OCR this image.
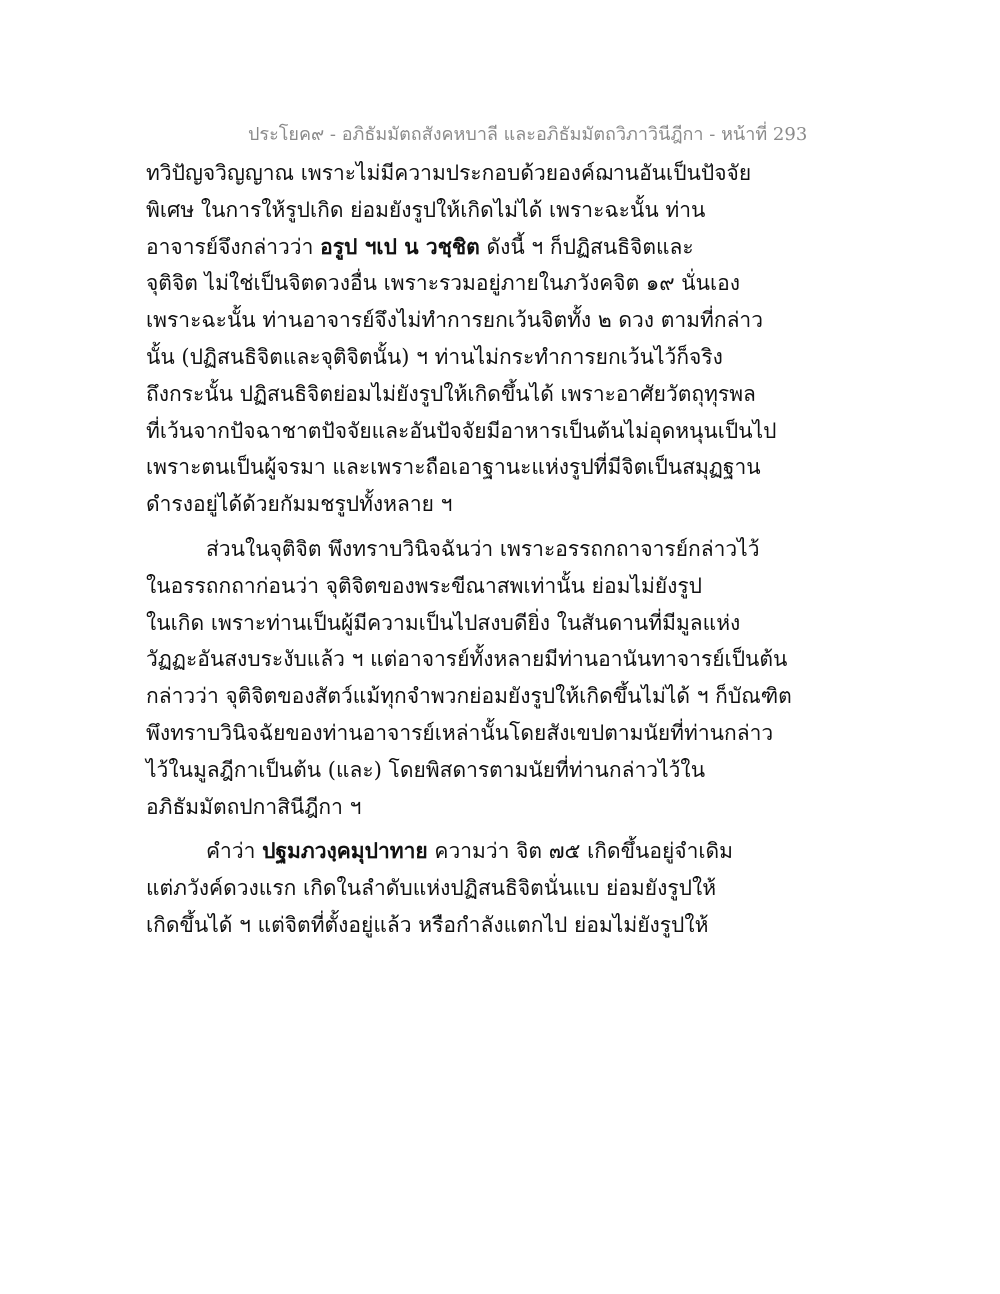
ประโยค๙ - อภิธัมมัตถสังคหบาลี และอภิธัมมัตถวิภาวินีฎีกา - หน้าที่ 293
ทวิปัญจวิญญาณ เพราะไม่มีความประกอบด้วยองค์ฌานอันเป็นปัจจัย
พิเศษ ในการให้รูปเกิด ย่อมยังรูปให้เกิดไม่ได้ เพราะฉะนั้น ท่าน
อาจารย์จึงกล่าวว่า อรูป ฯเป น วชฺชิต ดังนี้ ฯ ก็ปฏิสนธิจิตและ
จุติจิต ไม่ใช่เป็นจิตดวงอื่น เพราะรวมอยู่ภายในภวังคจิต ๑๙ นั่นเอง
เพราะฉะนั้น ท่านอาจารย์จึงไม่ทำการยกเว้นจิตทั้ง ๒ ดวง ตามที่กล่าว
นั้น (ปฏิสนธิจิตและจุติจิตนั้น) ฯ ท่านไม่กระทำการยกเว้นไว้ก็จริง
ถึงกระนั้น ปฏิสนธิจิตย่อมไม่ยังรูปให้เกิดขึ้นได้ เพราะอาศัยวัตถุทุรพล
ที่เว้นจากปัจฉาชาตปัจจัยและอันปัจจัยมีอาหารเป็นต้นไม่อุดหนุนเป็นไป
เพราะตนเป็นผู้จรมา และเพราะถือเอาฐานะแห่งรูปที่มีจิตเป็นสมุฏฐาน
ดำรงอยู่ได้ด้วยกัมมชรูปทั้งหลาย ฯ
ส่วนในจุติจิต พึงทราบวินิจฉันว่า เพราะอรรถกถาจารย์กล่าวไว้
ในอรรถกถาก่อนว่า จุติจิตของพระขีณาสพเท่านั้น ย่อมไม่ยังรูป
ในเกิด เพราะท่านเป็นผู้มีความเป็นไปสงบดียิ่ง ในสันดานที่มีมูลแห่ง
วัฏฏะอันสงบระงับแล้ว ฯ แต่อาจารย์ทั้งหลายมีท่านอานันทาจารย์เป็นต้น
กล่าวว่า จุติจิตของสัตว์แม้ทุกจำพวกย่อมยังรูปให้เกิดขึ้นไม่ได้ ฯ ก็บัณฑิต
พึงทราบวินิจฉัยของท่านอาจารย์เหล่านั้นโดยสังเขปตามนัยที่ท่านกล่าว
ไว้ในมูลฎีกาเป็นต้น (และ) โดยพิสดารตามนัยที่ท่านกล่าวไว้ใน
อภิธัมมัตถปกาสินีฎีกา ฯ
คำว่า ปฐมภวงฺคมุปาทาย ความว่า จิต ๗๕ เกิดขึ้นอยู่จำเดิม
แต่ภวังค์ดวงแรก เกิดในลำดับแห่งปฏิสนธิจิตนั่นแบ ย่อมยังรูปให้
เกิดขึ้นได้ ฯ แต่จิตที่ตั้งอยู่แล้ว หรือกำลังแตกไป ย่อมไม่ยังรูปให้
